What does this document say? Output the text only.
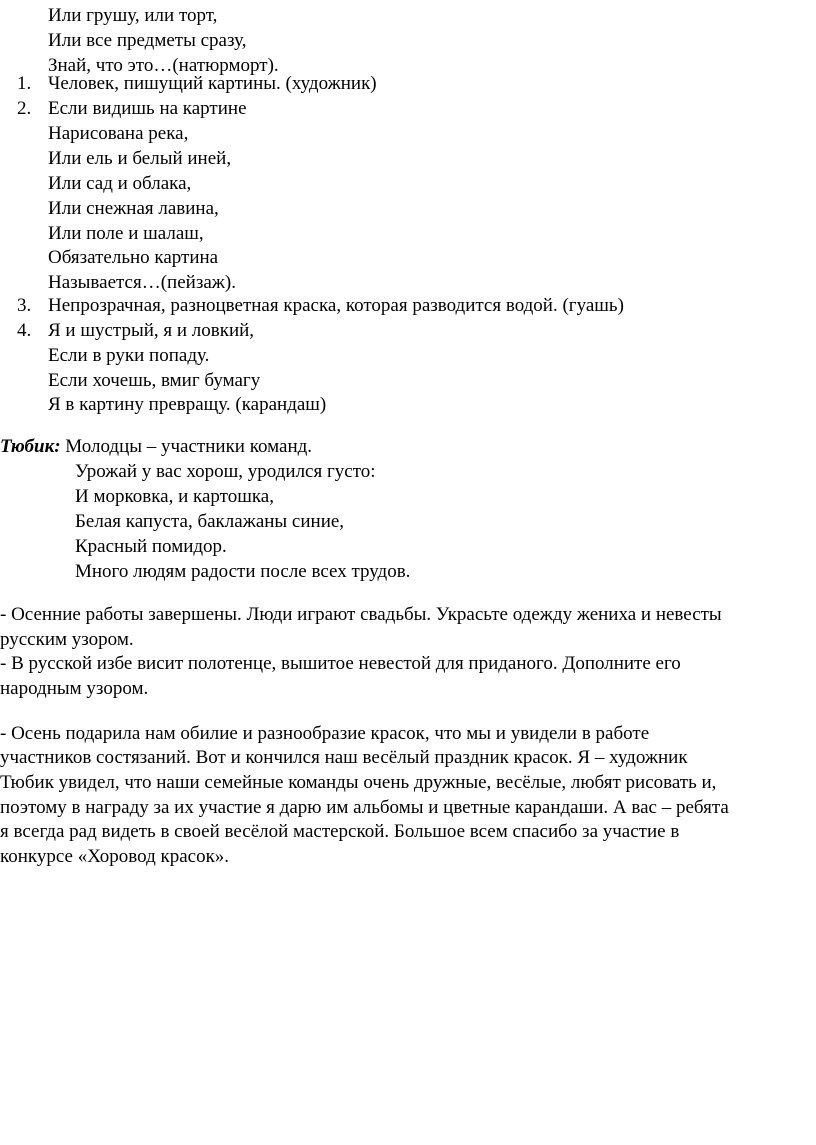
Или грушу, или торт,
Или все предметы сразу,
Знай, что это…(натюрморт).
1. Человек, пишущий картины. (художник)
2. Если видишь на картине
Нарисована река,
Или ель и белый иней,
Или сад и облака,
Или снежная лавина,
Или поле и шалаш,
Обязательно картина
Называется…(пейзаж).
3. Непрозрачная, разноцветная краска, которая разводится водой. (гуашь)
4. Я и шустрый, я и ловкий,
Если в руки попаду.
Если хочешь, вмиг бумагу
Я в картину превращу. (карандаш)
Тюбик: Молодцы – участники команд.
Урожай у вас хорош, уродился густо:
И морковка, и картошка,
Белая капуста, баклажаны синие,
Красный помидор.
Много людям радости после всех трудов.
- Осенние работы завершены. Люди играют свадьбы. Украсьте одежду жениха и невесты
русским узором.
- В русской избе висит полотенце, вышитое невестой для приданого. Дополните его
народным узором.
- Осень подарила нам обилие и разнообразие красок, что мы и увидели в работе
участников состязаний. Вот и кончился наш весёлый праздник красок. Я – художник
Тюбик увидел, что наши семейные команды очень дружные, весёлые, любят рисовать и,
поэтому в награду за их участие я дарю им альбомы и цветные карандаши. А вас – ребята
я всегда рад видеть в своей весёлой мастерской. Большое всем спасибо за участие в
конкурсе «Хоровод красок».
